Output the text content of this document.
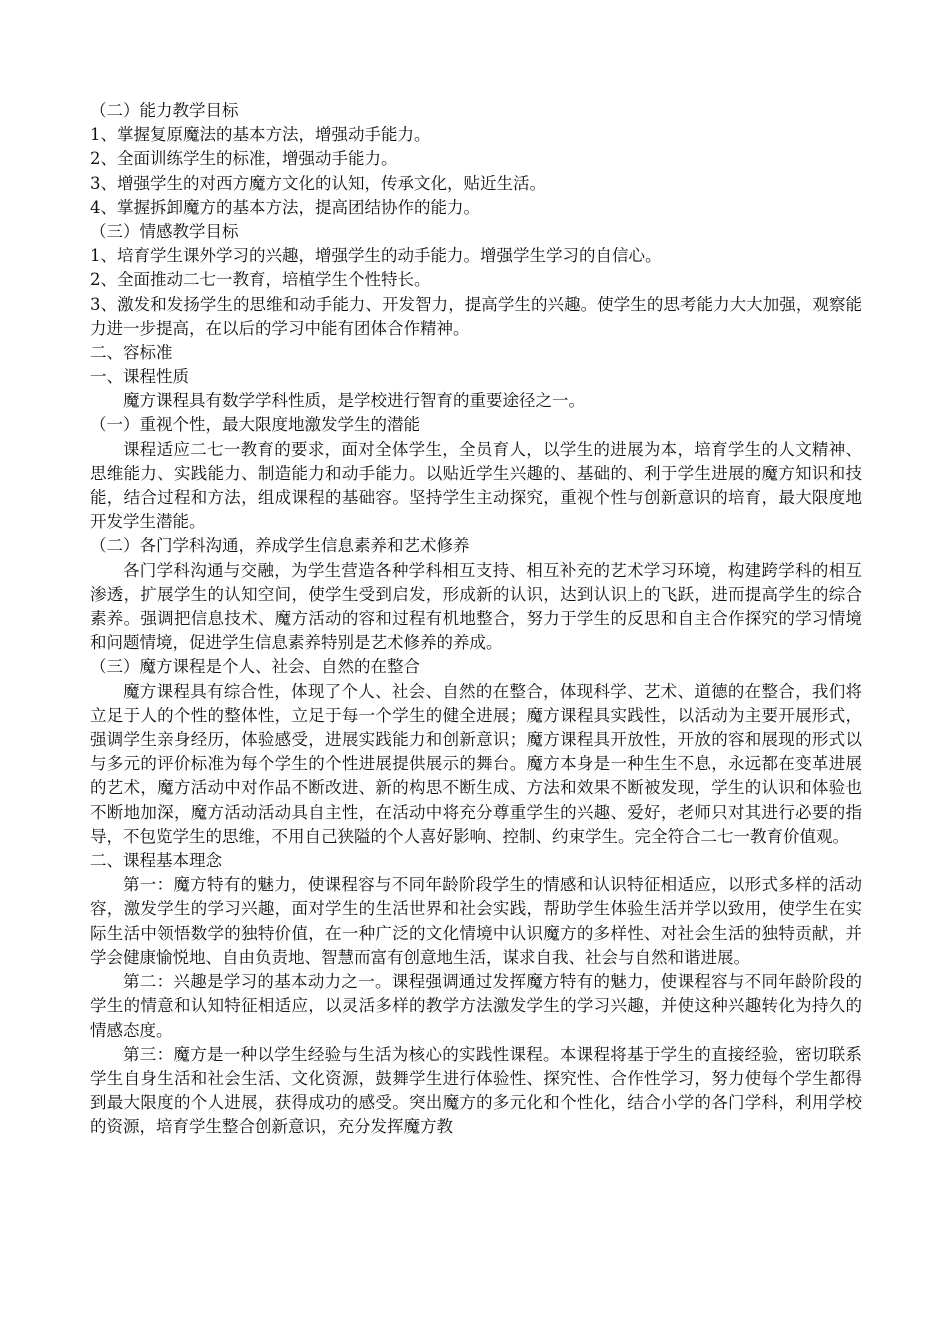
（二）能力教学目标
1、掌握复原魔法的基本方法，增强动手能力。
2、全面训练学生的标准，增强动手能力。
3、增强学生的对西方魔方文化的认知，传承文化，贴近生活。
4、掌握拆卸魔方的基本方法，提高团结协作的能力。
（三）情感教学目标
1、培育学生课外学习的兴趣，增强学生的动手能力。增强学生学习的自信心。
2、全面推动二七一教育，培植学生个性特长。

3、激发和发扬学生的思维和动手能力、开发智力，提高学生的兴趣。使学生的思考能力大大加强，观察能力进一步提高，在以后的学习中能有团体合作精神。

二、容标准
一、课程性质

魔方课程具有数学学科性质，是学校进行智育的重要途径之一。

（一）重视个性，最大限度地激发学生的潜能

课程适应二七一教育的要求，面对全体学生，全员育人，以学生的进展为本，培育学生的人文精神、思维能力、实践能力、制造能力和动手能力。以贴近学生兴趣的、基础的、利于学生进展的魔方知识和技能，结合过程和方法，组成课程的基础容。坚持学生主动探究，重视个性与创新意识的培育，最大限度地开发学生潜能。

（二）各门学科沟通，养成学生信息素养和艺术修养

各门学科沟通与交融，为学生营造各种学科相互支持、相互补充的艺术学习环境，构建跨学科的相互渗透，扩展学生的认知空间，使学生受到启发，形成新的认识，达到认识上的飞跃，进而提高学生的综合素养。强调把信息技术、魔方活动的容和过程有机地整合，努力于学生的反思和自主合作探究的学习情境和问题情境，促进学生信息素养特别是艺术修养的养成。

（三）魔方课程是个人、社会、自然的在整合

魔方课程具有综合性，体现了个人、社会、自然的在整合，体现科学、艺术、道德的在整合，我们将立足于人的个性的整体性，立足于每一个学生的健全进展；魔方课程具实践性，以活动为主要开展形式，强调学生亲身经历，体验感受，进展实践能力和创新意识；魔方课程具开放性，开放的容和展现的形式以与多元的评价标准为每个学生的个性进展提供展示的舞台。魔方本身是一种生生不息，永远都在变革进展的艺术，魔方活动中对作品不断改进、新的构思不断生成、方法和效果不断被发现，学生的认识和体验也不断地加深，魔方活动活动具自主性，在活动中将充分尊重学生的兴趣、爱好，老师只对其进行必要的指导，不包览学生的思维，不用自己狭隘的个人喜好影响、控制、约束学生。完全符合二七一教育价值观。

二、课程基本理念

第一：魔方特有的魅力，使课程容与不同年龄阶段学生的情感和认识特征相适应，以形式多样的活动容，激发学生的学习兴趣，面对学生的生活世界和社会实践，帮助学生体验生活并学以致用，使学生在实际生活中领悟数学的独特价值，在一种广泛的文化情境中认识魔方的多样性、对社会生活的独特贡献，并学会健康愉悦地、自由负责地、智慧而富有创意地生活，谋求自我、社会与自然和谐进展。

第二：兴趣是学习的基本动力之一。课程强调通过发挥魔方特有的魅力，使课程容与不同年龄阶段的学生的情意和认知特征相适应，以灵活多样的教学方法激发学生的学习兴趣，并使这种兴趣转化为持久的情感态度。

第三：魔方是一种以学生经验与生活为核心的实践性课程。本课程将基于学生的直接经验，密切联系学生自身生活和社会生活、文化资源，鼓舞学生进行体验性、探究性、合作性学习，努力使每个学生都得到最大限度的个人进展，获得成功的感受。突出魔方的多元化和个性化，结合小学的各门学科，利用学校的资源，培育学生整合创新意识，充分发挥魔方教
